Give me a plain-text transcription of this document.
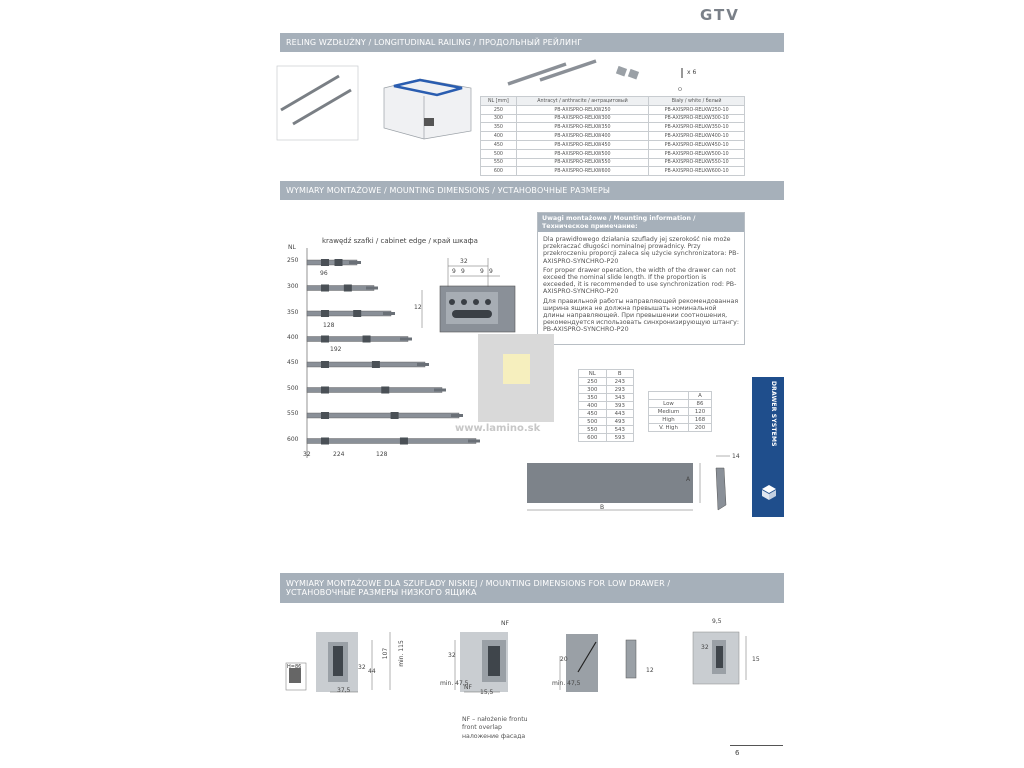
GTV
RELING WZDŁUŻNY / LONGITUDINAL RAILING / ПРОДОЛЬНЫЙ РЕЙЛИНГ
WYMIARY MONTAŻOWE / MOUNTING DIMENSIONS / УСТАНОВОЧНЫЕ РАЗМЕРЫ
WYMIARY MONTAŻOWE DLA SZUFLADY NISKIEJ / MOUNTING DIMENSIONS FOR LOW DRAWER /
УСТАНОВОЧНЫЕ РАЗМЕРЫ НИЗКОГО ЯЩИКА
NL
krawędź szafki / cabinet edge / край шкафа
250
300
350
400
450
500
550
600
96
128
192
32	224	128
32
9 9	9 9
12
x 6
NL [mm]	Antracyt / anthracite / антрацитовый	Biały / white / белый
250	PB-AXISPRO-RELKW250	PB-AXISPRO-RELKW250-10
300	PB-AXISPRO-RELKW300	PB-AXISPRO-RELKW300-10
350	PB-AXISPRO-RELKW350	PB-AXISPRO-RELKW350-10
400	PB-AXISPRO-RELKW400	PB-AXISPRO-RELKW400-10
450	PB-AXISPRO-RELKW450	PB-AXISPRO-RELKW450-10
500	PB-AXISPRO-RELKW500	PB-AXISPRO-RELKW500-10
550	PB-AXISPRO-RELKW550	PB-AXISPRO-RELKW550-10
600	PB-AXISPRO-RELKW600	PB-AXISPRO-RELKW600-10
Uwagi montażowe / Mounting information /
Техническое примечание:

Dla prawidłowego działania szuflady jej szerokość nie może przekraczać długości nominalnej prowadnicy. Przy przekroczeniu proporcji zaleca się użycie synchronizatora: PB-AXISPRO-SYNCHRO-P20

For proper drawer operation, the width of the drawer can not exceed the nominal slide length. If the proportion is exceeded, it is recommended to use synchronization rod: PB-AXISPRO-SYNCHRO-P20

Для правильной работы направляющей рекомендованная ширина ящика не должна превышать номинальной длины направляющей. При превышении соотношения, рекомендуется использовать синхронизирующую штангу: PB-AXISPRO-SYNCHRO-P20

www.lamino.sk
NL	B
250	243
300	293
350	343
400	393
450	443
500	493
550	543
600	593
	A
Low	86
Medium	120
High	168
V. High	200
A
B
14
DRAWER SYSTEMS
H=86
107 min. 115
32
44
37,5
NF
32
min. 47,5
NF
15,5
20
min. 47,5
12
9,5
32
15
NF – nałożenie frontu
front overlap
наложение фасада
6
